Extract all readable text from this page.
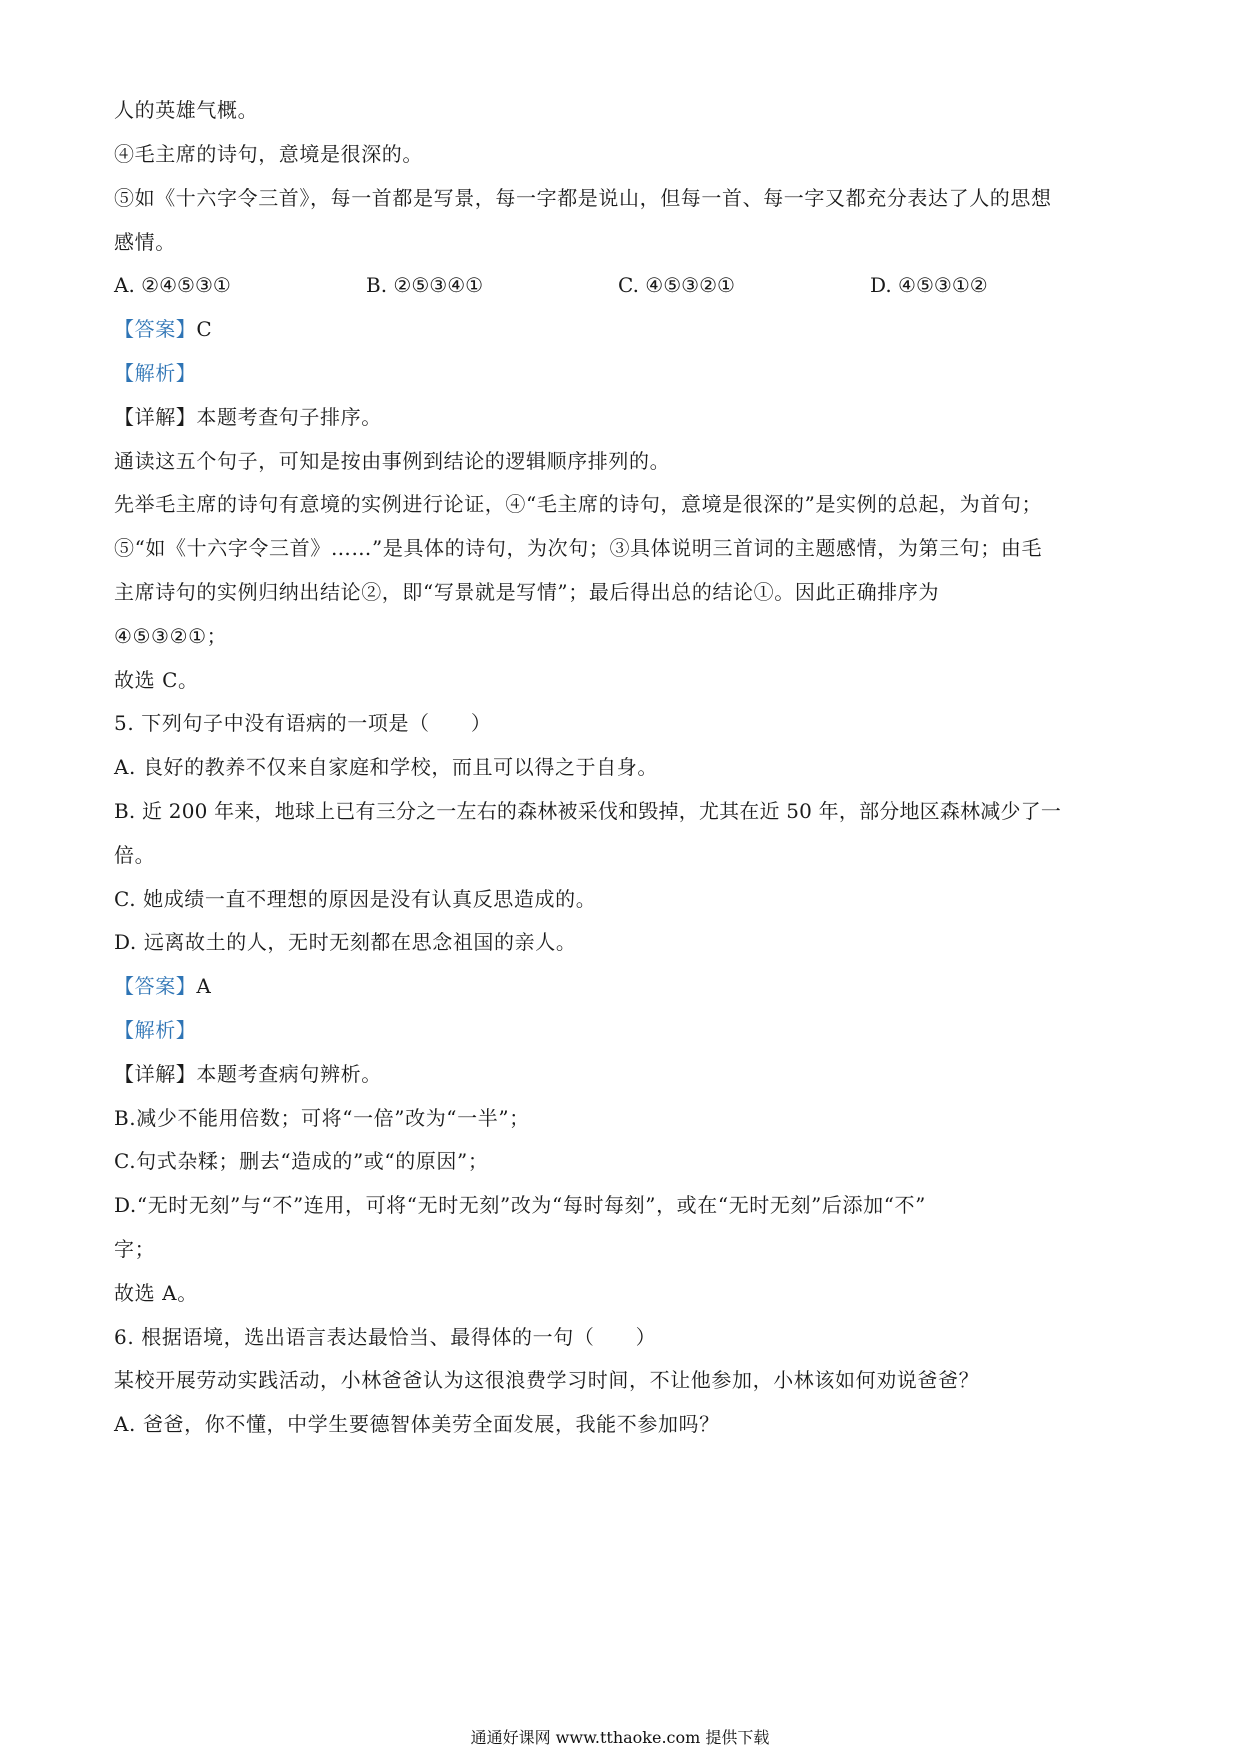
人的英雄气概。
④毛主席的诗句，意境是很深的。
⑤如《十六字令三首》，每一首都是写景，每一字都是说山，但每一首、每一字又都充分表达了人的思想
感情。
A. ②④⑤③①	B. ②⑤③④①	C. ④⑤③②①	D. ④⑤③①②
【答案】C
【解析】
【详解】本题考查句子排序。
通读这五个句子，可知是按由事例到结论的逻辑顺序排列的。
先举毛主席的诗句有意境的实例进行论证，④“毛主席的诗句，意境是很深的”是实例的总起，为首句；
⑤“如《十六字令三首》……”是具体的诗句，为次句；③具体说明三首词的主题感情，为第三句；由毛
主席诗句的实例归纳出结论②，即“写景就是写情”；最后得出总的结论①。因此正确排序为
④⑤③②①；
故选 C。
5. 下列句子中没有语病的一项是（　　）
A. 良好的教养不仅来自家庭和学校，而且可以得之于自身。
B. 近 200 年来，地球上已有三分之一左右的森林被采伐和毁掉，尤其在近 50 年，部分地区森林减少了一
倍。
C. 她成绩一直不理想的原因是没有认真反思造成的。
D. 远离故土的人，无时无刻都在思念祖国的亲人。
【答案】A
【解析】
【详解】本题考查病句辨析。
B.减少不能用倍数；可将“一倍”改为“一半”；
C.句式杂糅；删去“造成的”或“的原因”；
D.“无时无刻”与“不”连用，可将“无时无刻”改为“每时每刻”，或在“无时无刻”后添加“不”
字；
故选 A。
6. 根据语境，选出语言表达最恰当、最得体的一句（　　）
某校开展劳动实践活动，小林爸爸认为这很浪费学习时间，不让他参加，小林该如何劝说爸爸？
A. 爸爸，你不懂，中学生要德智体美劳全面发展，我能不参加吗？
通通好课网 www.tthaoke.com 提供下载
